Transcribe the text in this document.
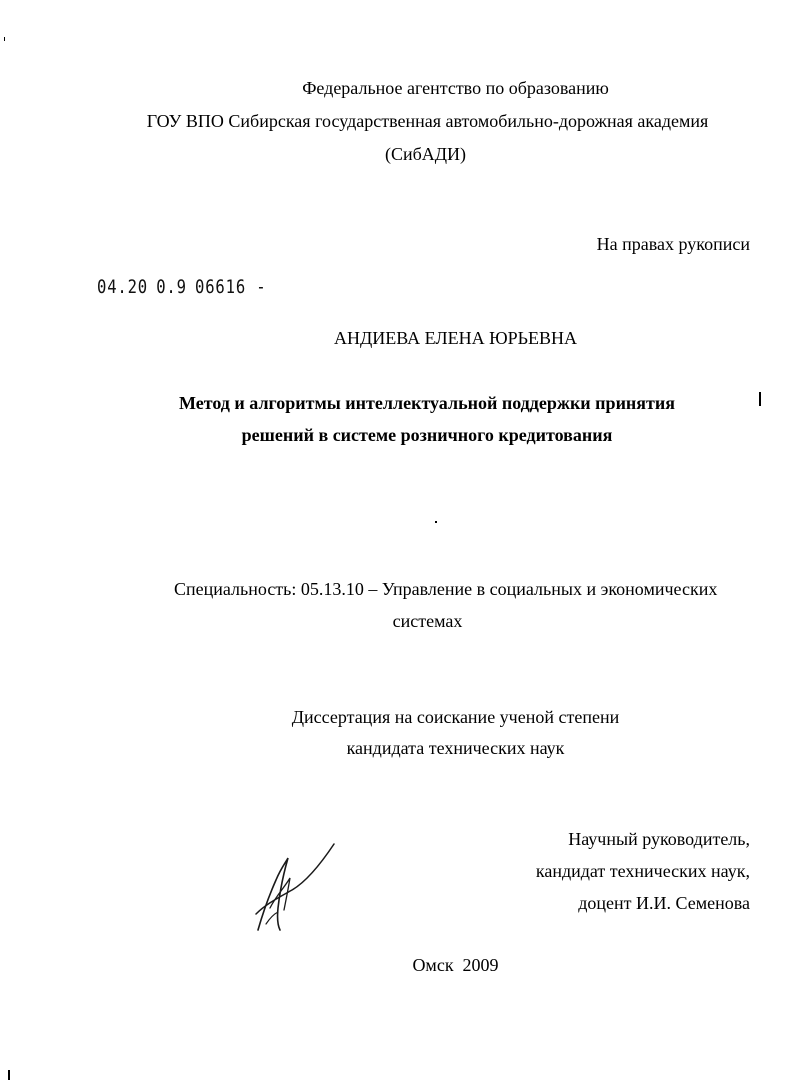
Федеральное агентство по образованию

ГОУ ВПО Сибирская государственная автомобильно-дорожная академия

(СибАДИ)

На правах рукописи

04.20 0.9 06616 -

АНДИЕВА ЕЛЕНА ЮРЬЕВНА

Метод и алгоритмы интеллектуальной поддержки принятия

решений в системе розничного кредитования

Специальность: 05.13.10 – Управление в социальных и экономических

системах

Диссертация на соискание ученой степени

кандидата технических наук

Научный руководитель,

кандидат технических наук,

доцент И.И. Семенова

Омск  2009
